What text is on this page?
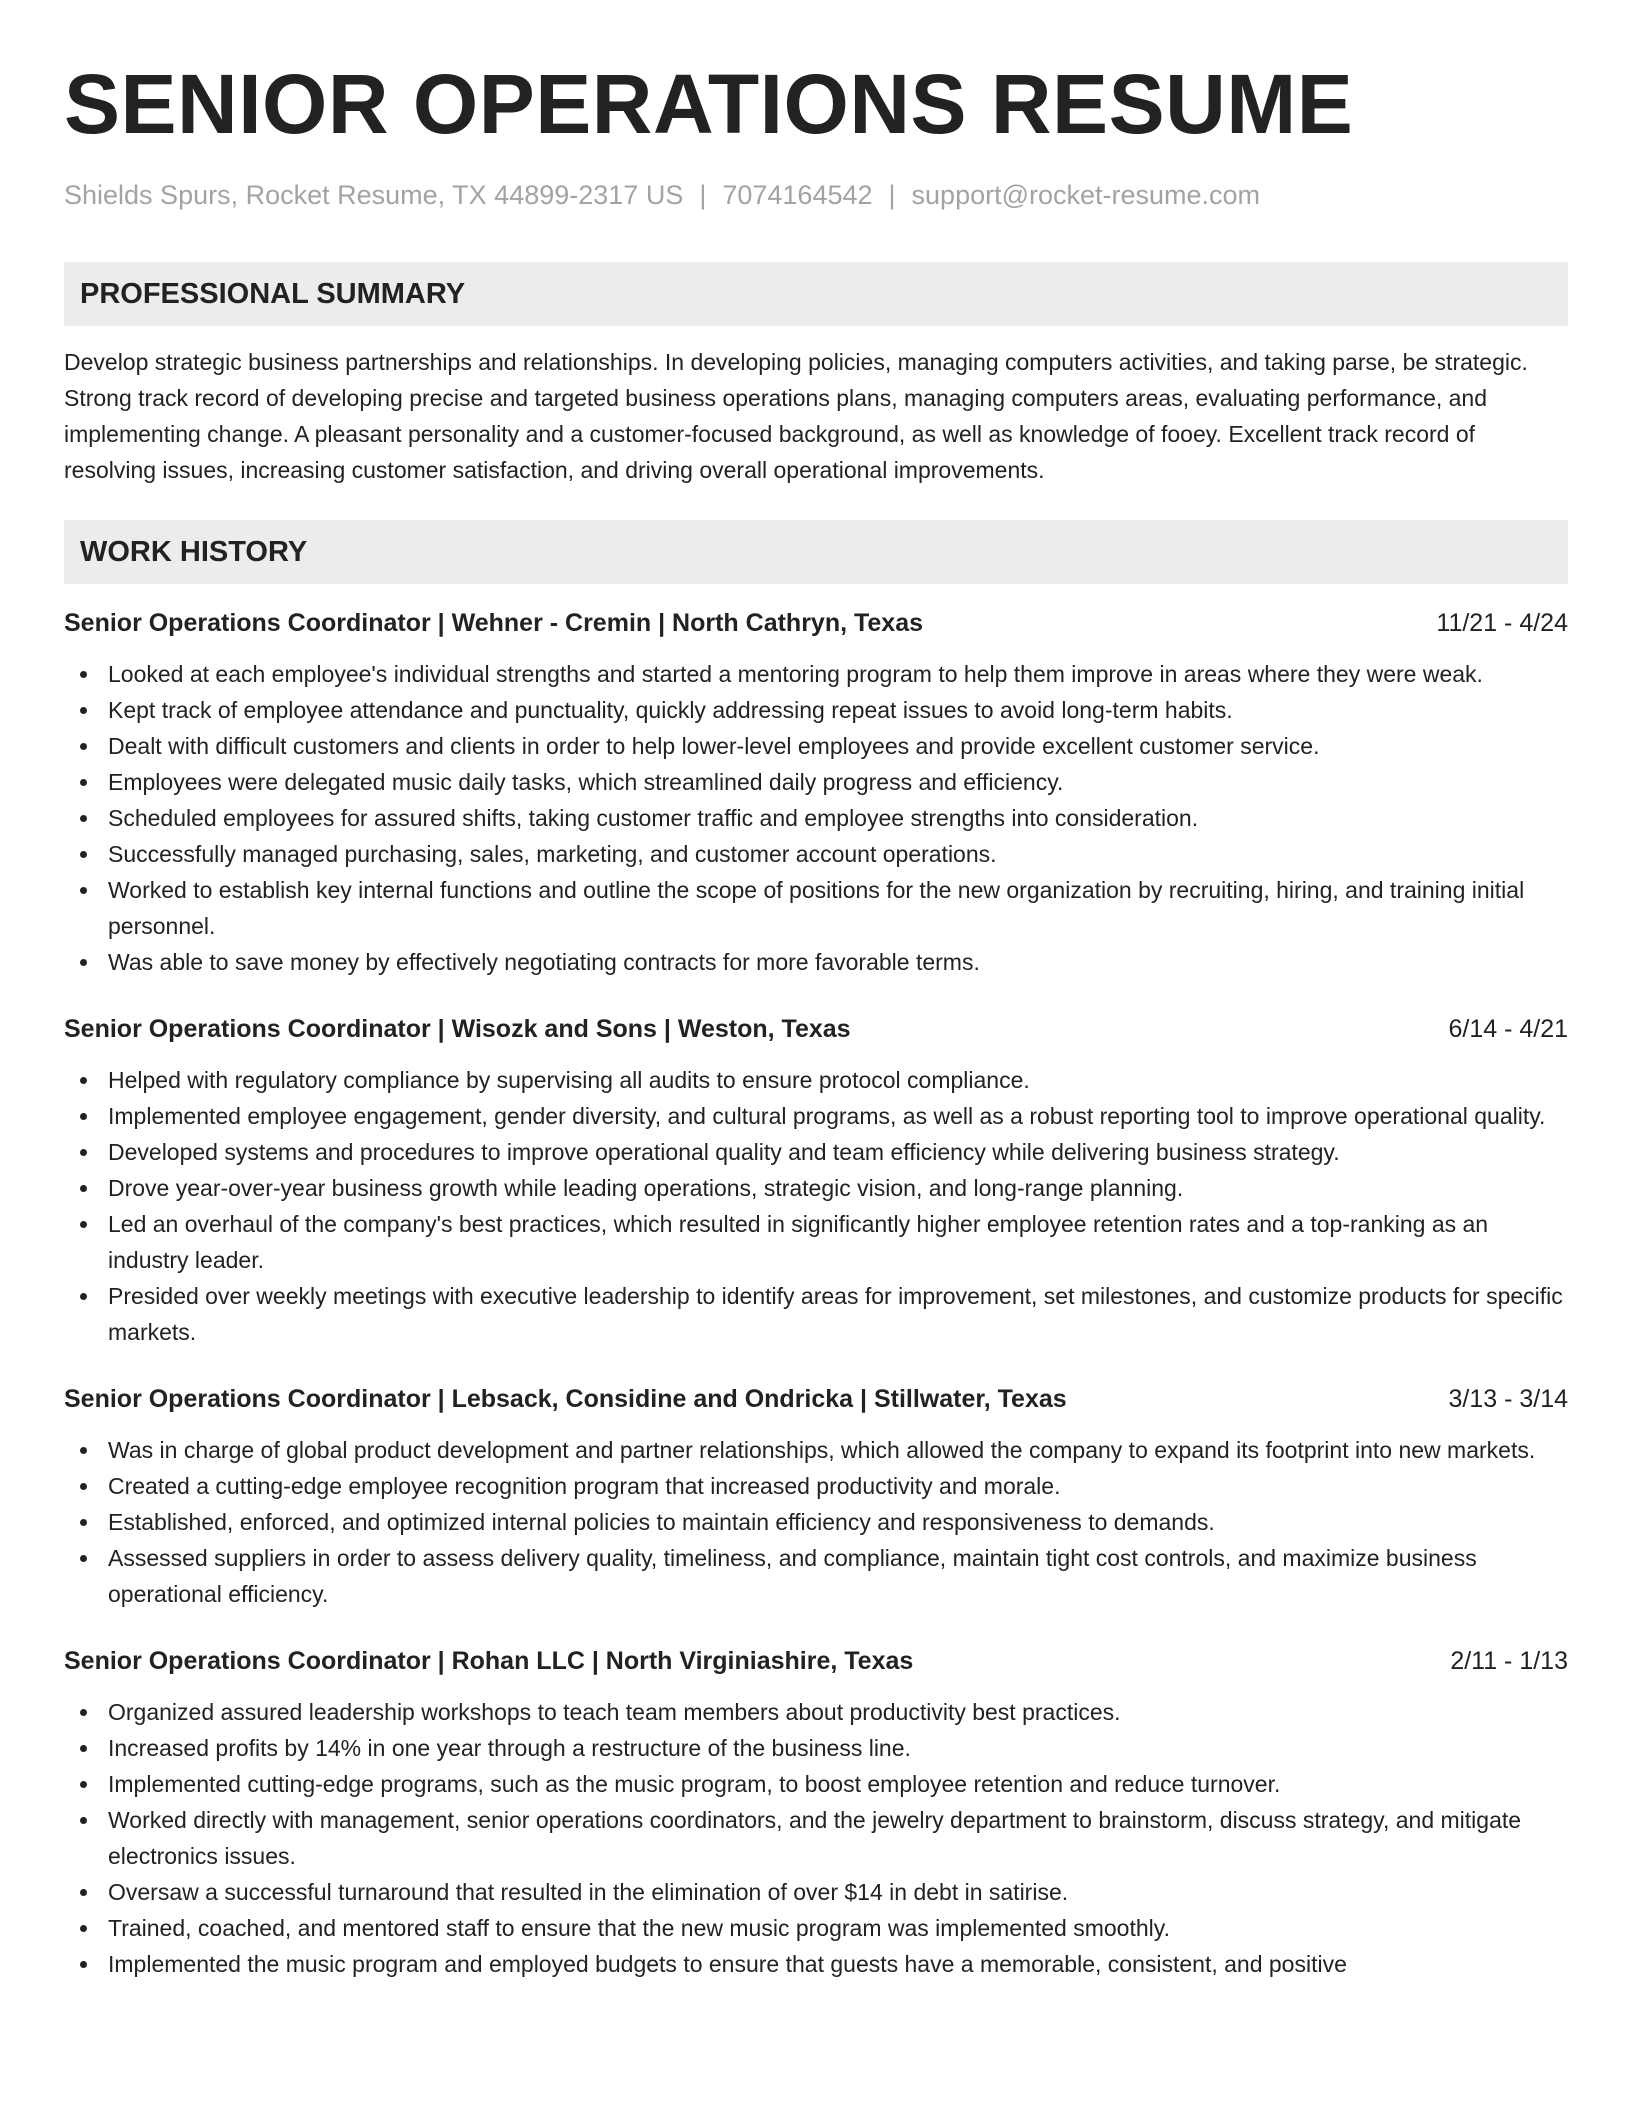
SENIOR OPERATIONS RESUME
Shields Spurs, Rocket Resume, TX 44899-2317 US | 7074164542 | support@rocket-resume.com
PROFESSIONAL SUMMARY
Develop strategic business partnerships and relationships. In developing policies, managing computers activities, and taking parse, be strategic. Strong track record of developing precise and targeted business operations plans, managing computers areas, evaluating performance, and implementing change. A pleasant personality and a customer-focused background, as well as knowledge of fooey. Excellent track record of resolving issues, increasing customer satisfaction, and driving overall operational improvements.
WORK HISTORY
Senior Operations Coordinator | Wehner - Cremin | North Cathryn, Texas	11/21 - 4/24
Looked at each employee's individual strengths and started a mentoring program to help them improve in areas where they were weak.
Kept track of employee attendance and punctuality, quickly addressing repeat issues to avoid long-term habits.
Dealt with difficult customers and clients in order to help lower-level employees and provide excellent customer service.
Employees were delegated music daily tasks, which streamlined daily progress and efficiency.
Scheduled employees for assured shifts, taking customer traffic and employee strengths into consideration.
Successfully managed purchasing, sales, marketing, and customer account operations.
Worked to establish key internal functions and outline the scope of positions for the new organization by recruiting, hiring, and training initial personnel.
Was able to save money by effectively negotiating contracts for more favorable terms.
Senior Operations Coordinator | Wisozk and Sons | Weston, Texas	6/14 - 4/21
Helped with regulatory compliance by supervising all audits to ensure protocol compliance.
Implemented employee engagement, gender diversity, and cultural programs, as well as a robust reporting tool to improve operational quality.
Developed systems and procedures to improve operational quality and team efficiency while delivering business strategy.
Drove year-over-year business growth while leading operations, strategic vision, and long-range planning.
Led an overhaul of the company's best practices, which resulted in significantly higher employee retention rates and a top-ranking as an industry leader.
Presided over weekly meetings with executive leadership to identify areas for improvement, set milestones, and customize products for specific markets.
Senior Operations Coordinator | Lebsack, Considine and Ondricka | Stillwater, Texas	3/13 - 3/14
Was in charge of global product development and partner relationships, which allowed the company to expand its footprint into new markets.
Created a cutting-edge employee recognition program that increased productivity and morale.
Established, enforced, and optimized internal policies to maintain efficiency and responsiveness to demands.
Assessed suppliers in order to assess delivery quality, timeliness, and compliance, maintain tight cost controls, and maximize business operational efficiency.
Senior Operations Coordinator | Rohan LLC | North Virginiashire, Texas	2/11 - 1/13
Organized assured leadership workshops to teach team members about productivity best practices.
Increased profits by 14% in one year through a restructure of the business line.
Implemented cutting-edge programs, such as the music program, to boost employee retention and reduce turnover.
Worked directly with management, senior operations coordinators, and the jewelry department to brainstorm, discuss strategy, and mitigate electronics issues.
Oversaw a successful turnaround that resulted in the elimination of over $14 in debt in satirise.
Trained, coached, and mentored staff to ensure that the new music program was implemented smoothly.
Implemented the music program and employed budgets to ensure that guests have a memorable, consistent, and positive
